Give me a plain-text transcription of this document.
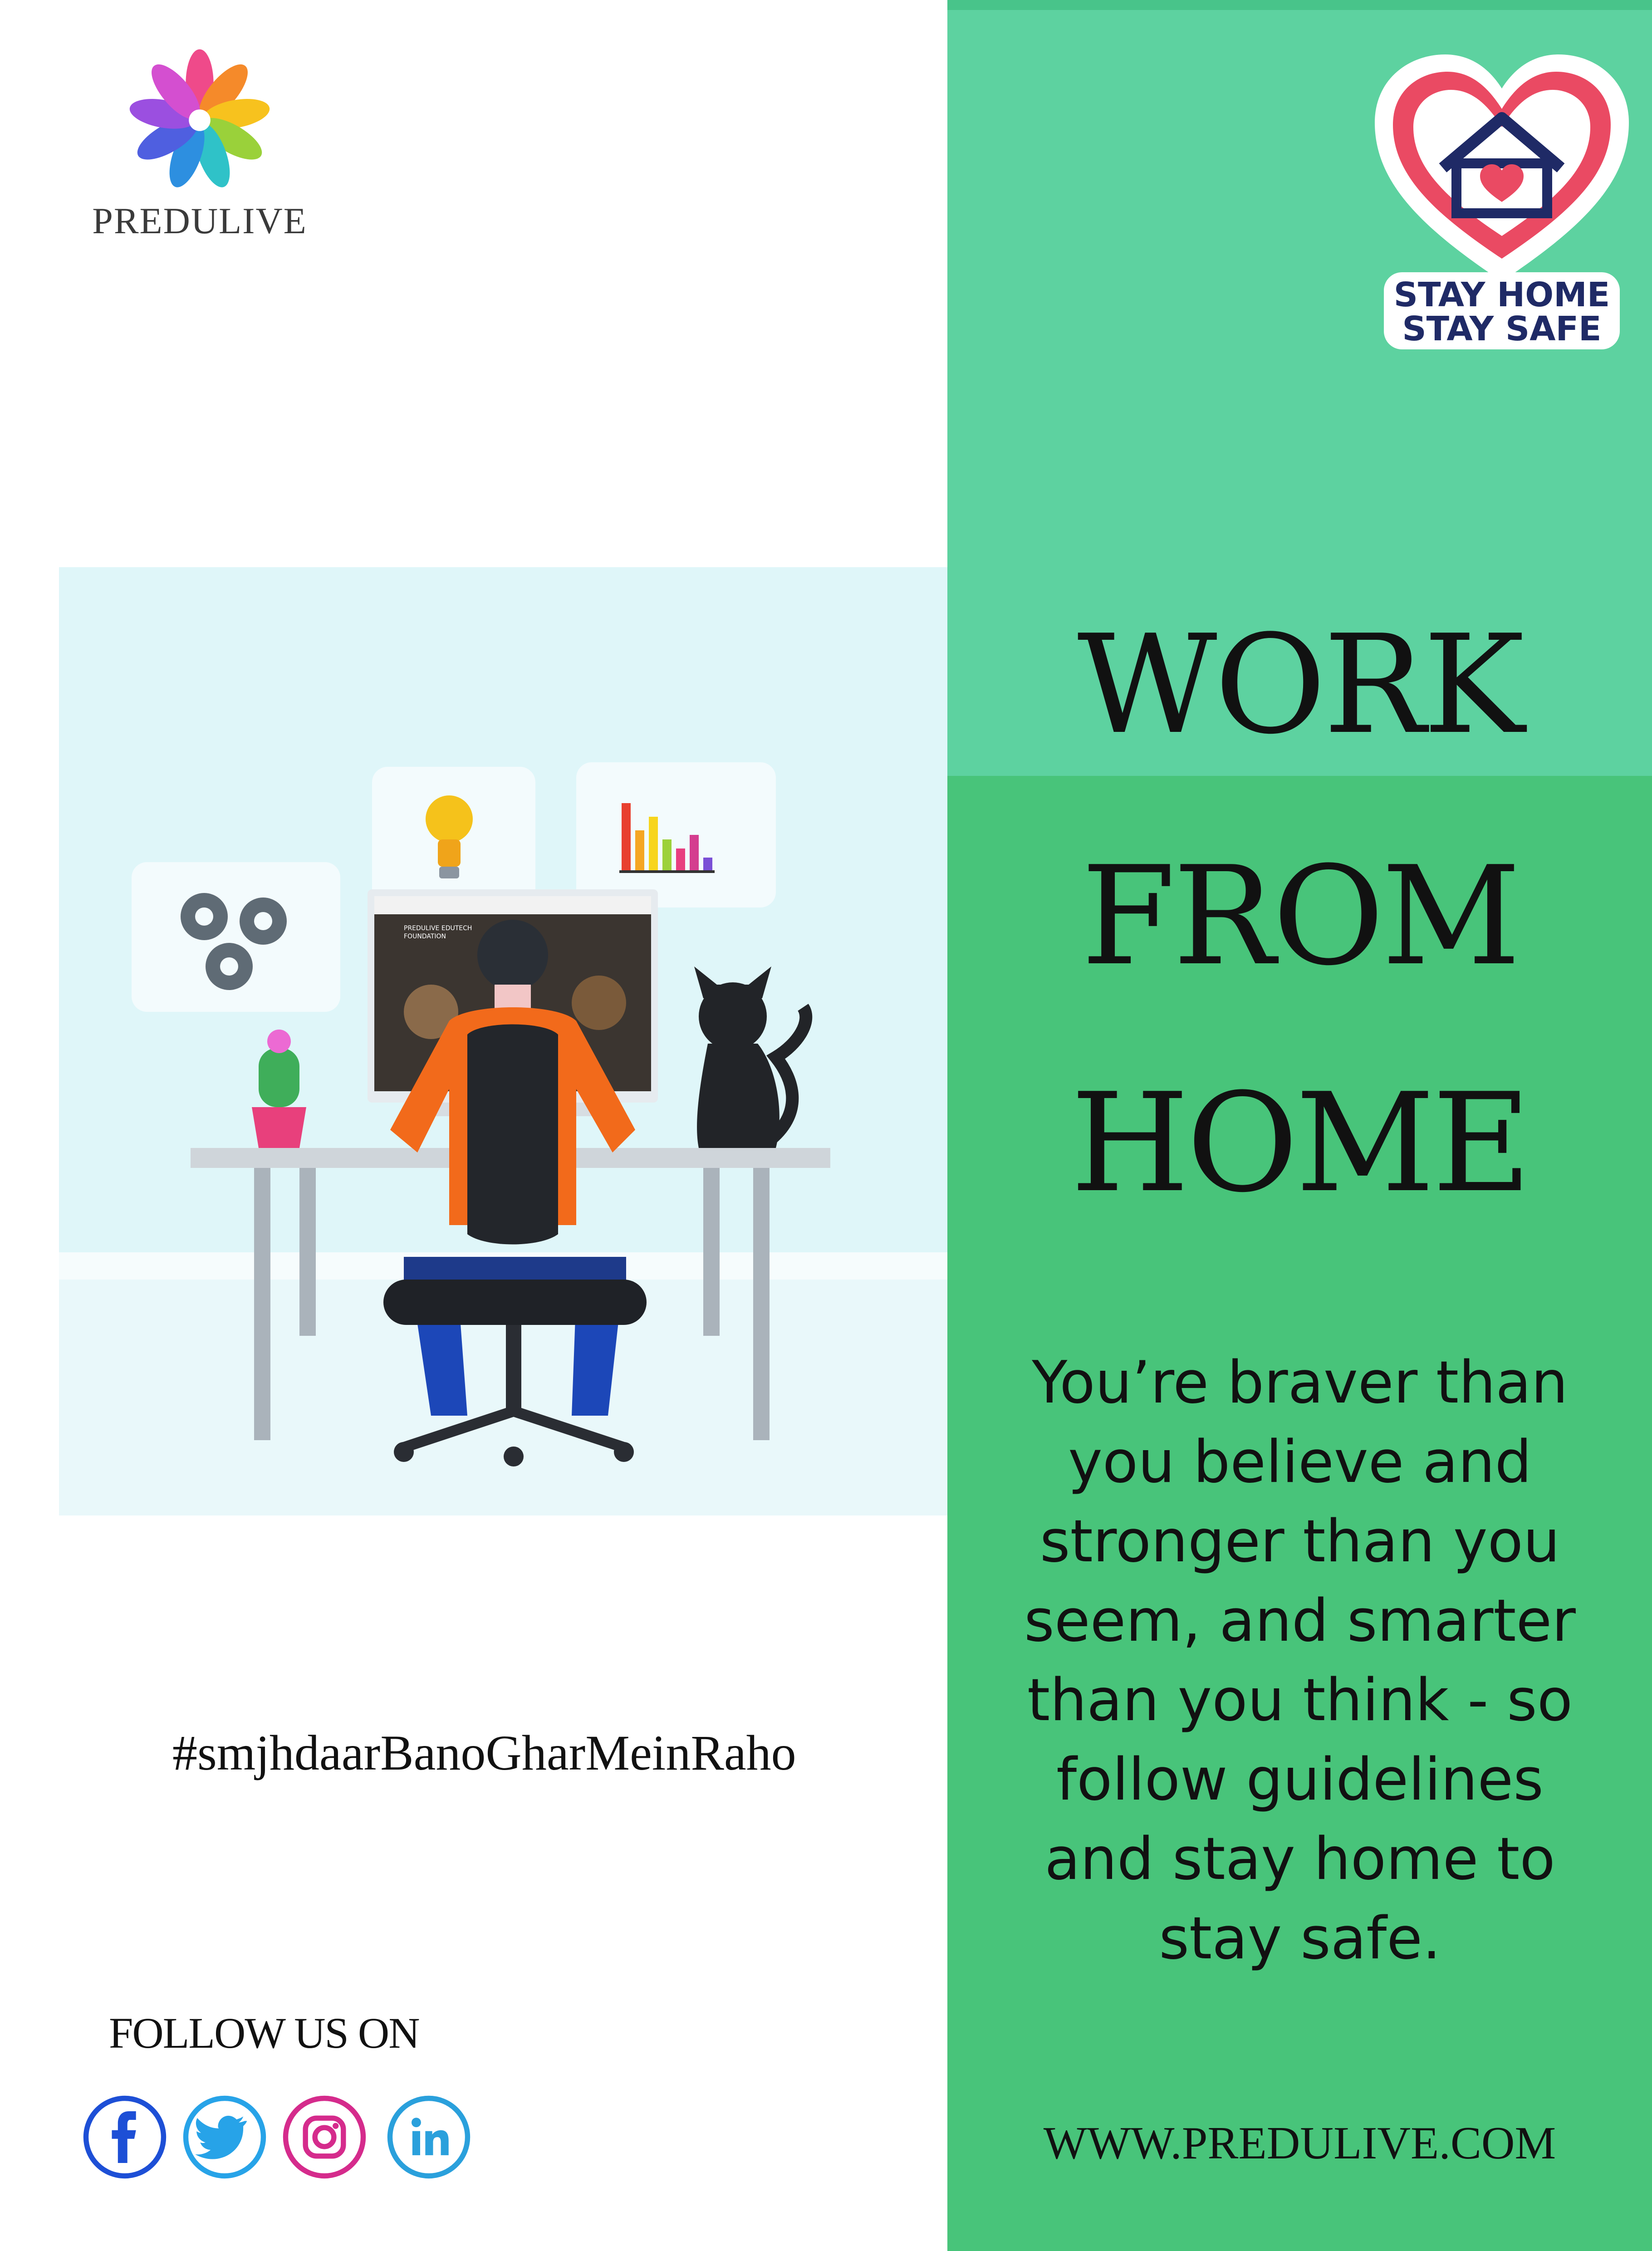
PREDULIVE
STAY HOME
STAY SAFE
WORK
FROM
HOME
You’re braver than you believe and stronger than you seem, and smarter than you think - so follow guidelines and stay home to stay safe.
WWW.PREDULIVE.COM
PREDULIVE EDUTECH
FOUNDATION
#smjhdaarBanoGharMeinRaho
FOLLOW US ON
